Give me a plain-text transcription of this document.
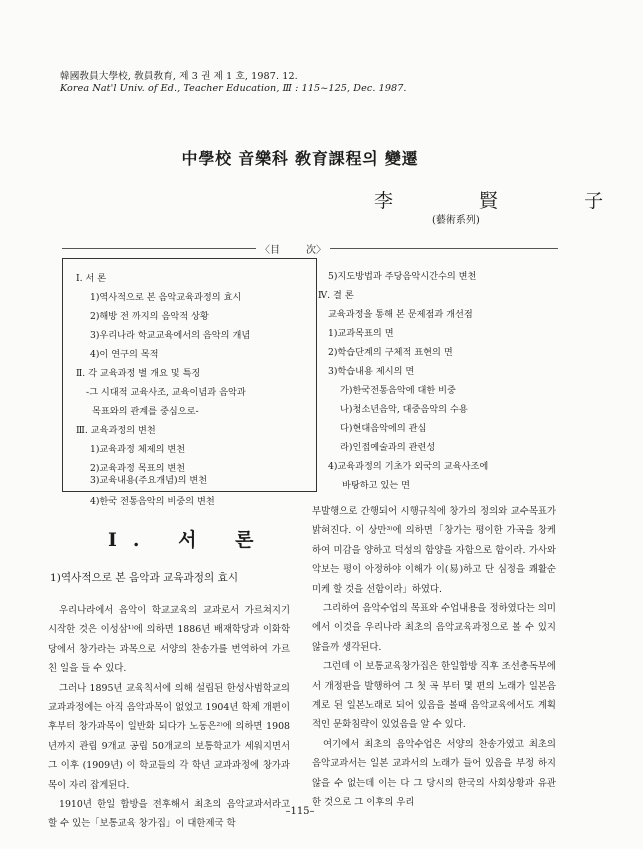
韓國敎員大學校, 敎員敎育, 제 3 권 제 1 호, 1987. 12.
Korea Nat'l Univ. of Ed., Teacher Education, Ⅲ : 115~125, Dec. 1987.
中學校 音樂科 敎育課程의 變遷
李 賢 子
(藝術系列)
〈目	次〉
Ⅰ. 서 론
1)역사적으로 본 음악교육과정의 효시
2)해방 전 까지의 음악적 상황
3)우리나라 학교교육에서의 음악의 개념
4)이 연구의 목적
Ⅱ. 각 교육과정 별 개요 및 특징
-그 시대적 교육사조, 교육이념과 음악과
목표와의 관계를 중심으로-
Ⅲ. 교육과정의 변천
1)교육과정 체제의 변천
2)교육과정 목표의 변천
3)교육내용(주요개념)의 변천
4)한국 전통음악의 비중의 변천
5)지도방법과 주당음악시간수의 변천
Ⅳ. 결 론
교육과정을 통해 본 문제점과 개선점
1)교과목표의 면
2)학습단계의 구체적 표현의 면
3)학습내용 제시의 면
가)한국전통음악에 대한 비중
나)청소년음악, 대중음악의 수용
다)현대음악에의 관심
라)인접예술과의 관련성
4)교육과정의 기초가 외국의 교육사조에
바탕하고 있는 면
Ⅰ. 서 론
1)역사적으로 본 음악과 교육과정의 효시

우리나라에서 음악이 학교교육의 교과로서 가르쳐지기 시작한 것은 이성삼¹⁾에 의하면 1886년 배재학당과 이화학당에서 창가라는 과목으로 서양의 찬송가를 번역하여 가르친 일을 들 수 있다.

그러나 1895년 교육칙서에 의해 설립된 한성사범학교의 교과과정에는 아직 음악과목이 없었고 1904년 학제 개편이후부터 창가과목이 일반화 되다가 노동은²⁾에 의하면 1908년까지 관립 9개교 공립 50개교의 보통학교가 세워지면서 그 이후 (1909년) 이 학교들의 각 학년 교과과정에 창가과목이 자리 잡게된다.

1910년 한일 합방을 전후해서 최초의 음악교과서라고 할 수 있는「보통교육 창가집」이 대한제국 학

부발행으로 간행되어 시행규칙에 창가의 정의와 교수목표가 밝혀진다. 이 상만³⁾에 의하면「창가는 평이한 가곡을 창케 하여 미감을 양하고 덕성의 함양을 자함으로 함이라. 가사와 악보는 평이 아정하야 이해가 이(易)하고 단 심정을 쾌활순미케 할 것을 선함이라」하였다.

그리하여 음악수업의 목표와 수업내용을 정하였다는 의미에서 이것을 우리나라 최초의 음악교육과정으로 볼 수 있지 않을까 생각된다.

그런데 이 보통교육창가집은 한일합방 직후 조선총독부에서 개정판을 발행하여 그 첫 곡 부터 몇 편의 노래가 일본음계로 된 일본노래로 되어 있음을 볼때 음악교육에서도 계획적인 문화침략이 있었음을 알 수 있다.

여기에서 최초의 음악수업은 서양의 찬송가였고 최초의 음악교과서는 일본 교과서의 노래가 들어 있음을 부정 하지 않을 수 없는데 이는 다 그 당시의 한국의 사회상황과 유관 한 것으로 그 이후의 우리

–115–
